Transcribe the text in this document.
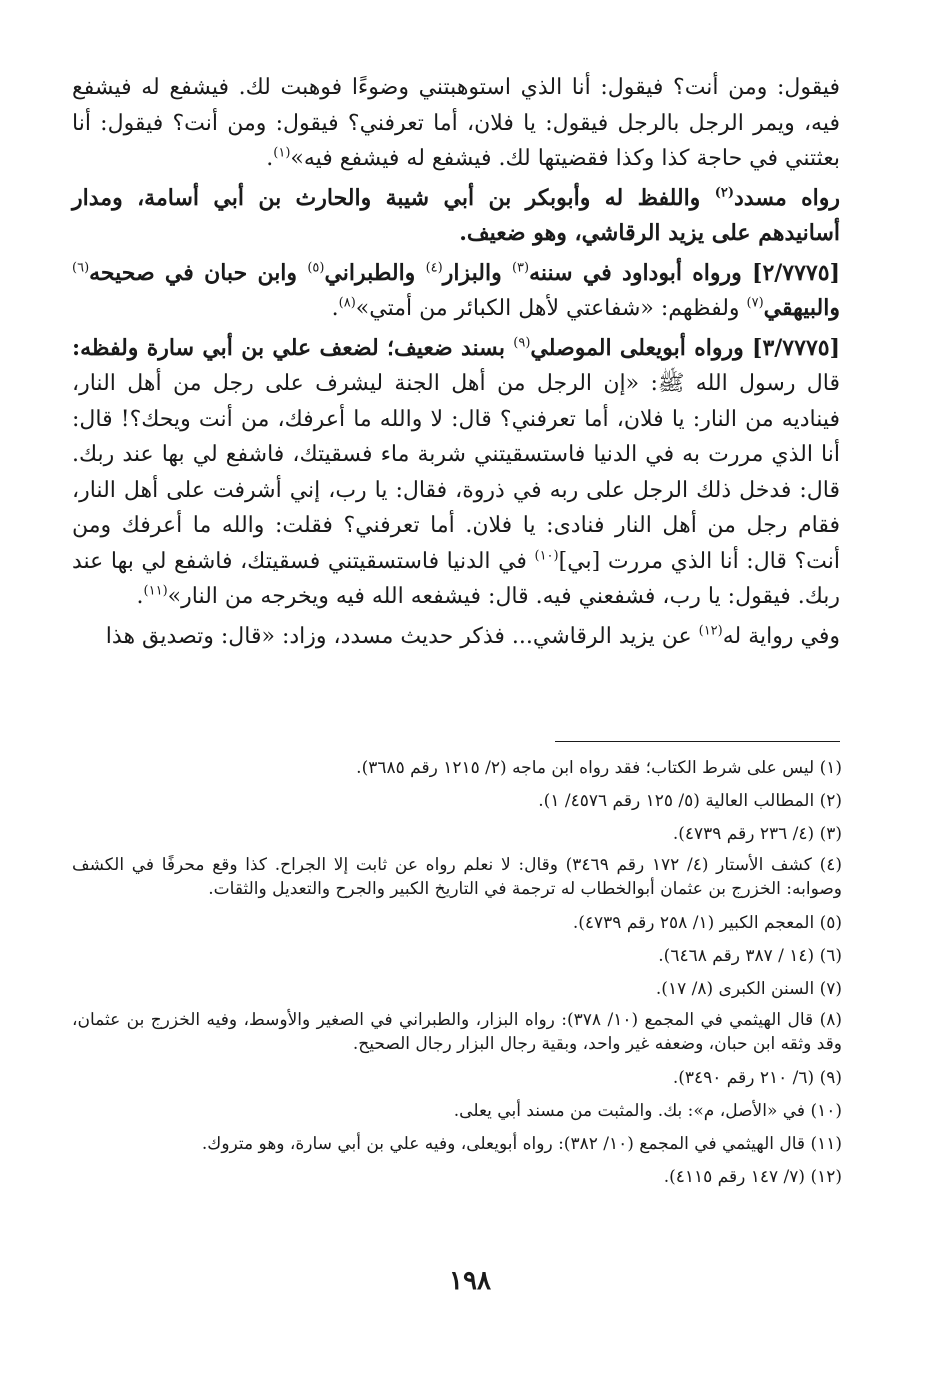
فيقول: ومن أنت؟ فيقول: أنا الذي استوهبتني وضوءًا فوهبت لك. فيشفع له فيشفع فيه، ويمر الرجل بالرجل فيقول: يا فلان، أما تعرفني؟ فيقول: ومن أنت؟ فيقول: أنا بعثتني في حاجة كذا وكذا فقضيتها لك. فيشفع له فيشفع فيه»$^{(١)}$.

رواه مسدد$^{(٢)}$ واللفظ له وأبوبكر بن أبي شيبة والحارث بن أبي أسامة، ومدار أسانيدهم على يزيد الرقاشي، وهو ضعيف.

[٢/٧٧٧٥] ورواه أبوداود في سننه$^{(٣)}$ والبزار$^{(٤)}$ والطبراني$^{(٥)}$ وابن حبان في صحيحه$^{(٦)}$ والبيهقي$^{(٧)}$ ولفظهم: «شفاعتي لأهل الكبائر من أمتي»$^{(٨)}$.

[٣/٧٧٧٥] ورواه أبويعلى الموصلي$^{(٩)}$ بسند ضعيف؛ لضعف علي بن أبي سارة ولفظه: قال رسول الله ﷺ: «إن الرجل من أهل الجنة ليشرف على رجل من أهل النار، فيناديه من النار: يا فلان، أما تعرفني؟ قال: لا والله ما أعرفك، من أنت ويحك؟! قال: أنا الذي مررت به في الدنيا فاستسقيتني شربة ماء فسقيتك، فاشفع لي بها عند ربك. قال: فدخل ذلك الرجل على ربه في ذروة، فقال: يا رب، إني أشرفت على أهل النار، فقام رجل من أهل النار فنادى: يا فلان. أما تعرفني؟ فقلت: والله ما أعرفك ومن أنت؟ قال: أنا الذي مررت [بي]$^{(١٠)}$ في الدنيا فاستسقيتني فسقيتك، فاشفع لي بها عند ربك. فيقول: يا رب، فشفعني فيه. قال: فيشفعه الله فيه ويخرجه من النار»$^{(١١)}$.

وفي رواية له$^{(١٢)}$ عن يزيد الرقاشي... فذكر حديث مسدد، وزاد: «قال: وتصديق هذا

(١) ليس على شرط الكتاب؛ فقد رواه ابن ماجه (٢/ ١٢١٥ رقم ٣٦٨٥).
(٢) المطالب العالية (٥/ ١٢٥ رقم ٤٥٧٦/ ١).
(٣) (٤/ ٢٣٦ رقم ٤٧٣٩).
(٤) كشف الأستار (٤/ ١٧٢ رقم ٣٤٦٩) وقال: لا نعلم رواه عن ثابت إلا الجراح. كذا وقع محرفًا في الكشف وصوابه: الخزرج بن عثمان أبوالخطاب له ترجمة في التاريخ الكبير والجرح والتعديل والثقات.
(٥) المعجم الكبير (١/ ٢٥٨ رقم ٤٧٣٩).
(٦) (١٤ / ٣٨٧ رقم ٦٤٦٨).
(٧) السنن الكبرى (٨/ ١٧).
(٨) قال الهيثمي في المجمع (١٠/ ٣٧٨): رواه البزار، والطبراني في الصغير والأوسط، وفيه الخزرج بن عثمان، وقد وثقه ابن حبان، وضعفه غير واحد، وبقية رجال البزار رجال الصحيح.
(٩) (٦/ ٢١٠ رقم ٣٤٩٠).
(١٠) في «الأصل، م»: بك. والمثبت من مسند أبي يعلى.
(١١) قال الهيثمي في المجمع (١٠/ ٣٨٢): رواه أبويعلى، وفيه علي بن أبي سارة، وهو متروك.
(١٢) (٧/ ١٤٧ رقم ٤١١٥).
١٩٨
